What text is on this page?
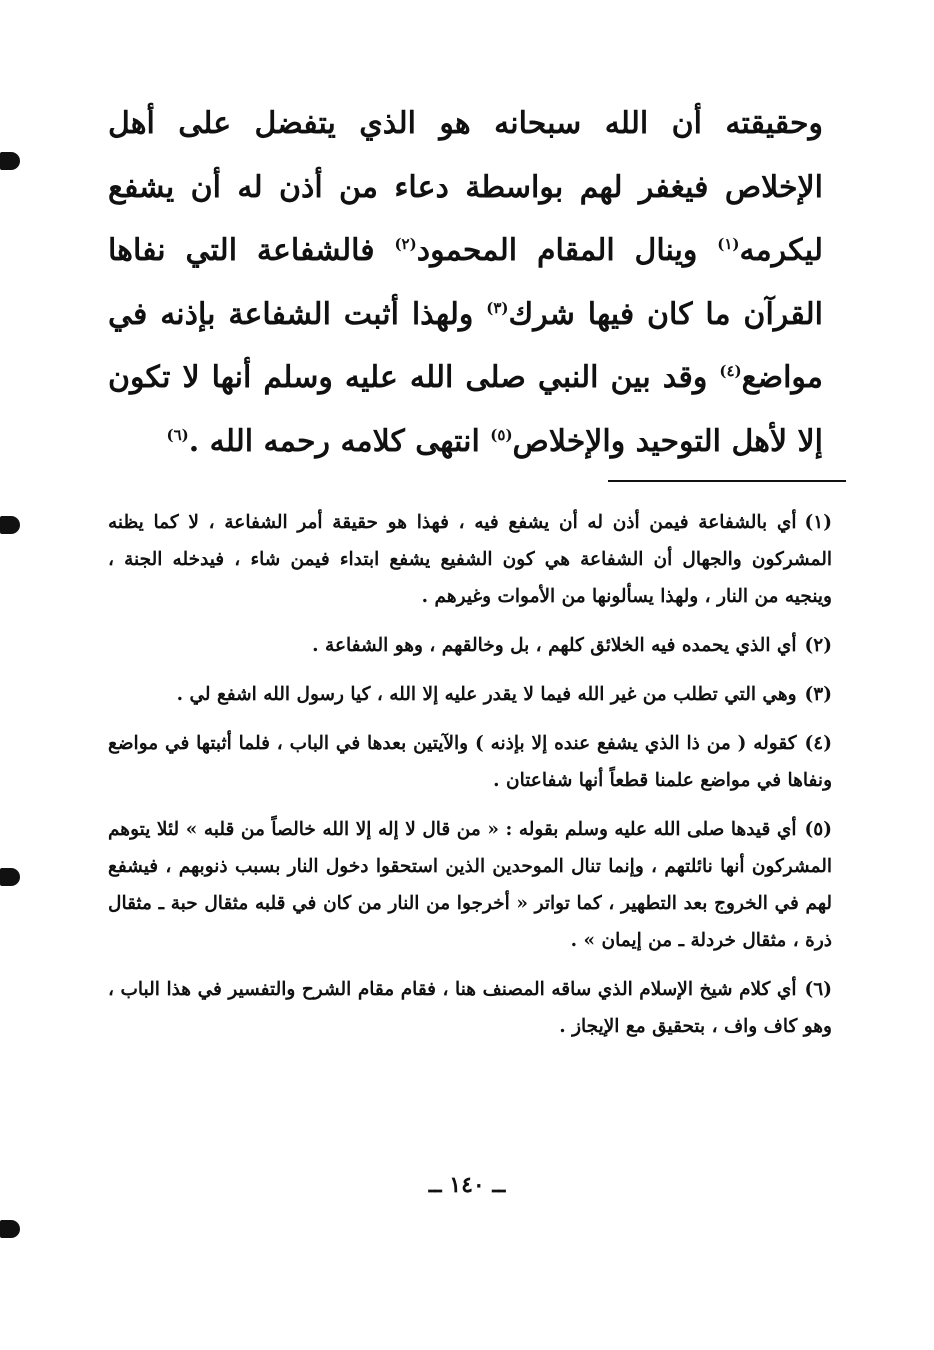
وحقيقته أن الله سبحانه هو الذي يتفضل على أهل الإخلاص فيغفر لهم بواسطة دعاء من أذن له أن يشفع ليكرمه$^{(١)}$ وينال المقام المحمود$^{(٢)}$ فالشفاعة التي نفاها القرآن ما كان فيها شرك$^{(٣)}$ ولهذا أثبت الشفاعة بإذنه في مواضع$^{(٤)}$ وقد بين النبي صلى الله عليه وسلم أنها لا تكون إلا لأهل التوحيد والإخلاص$^{(٥)}$ انتهى كلامه رحمه الله .$^{(٦)}$

(١)أي بالشفاعة فيمن أذن له أن يشفع فيه ، فهذا هو حقيقة أمر الشفاعة ، لا كما يظنه المشركون والجهال أن الشفاعة هي كون الشفيع يشفع ابتداء فيمن شاء ، فيدخله الجنة ، وينجيه من النار ، ولهذا يسألونها من الأموات وغيرهم .

(٢)أي الذي يحمده فيه الخلائق كلهم ، بل وخالقهم ، وهو الشفاعة .

(٣)وهي التي تطلب من غير الله فيما لا يقدر عليه إلا الله ، كيا رسول الله اشفع لي .

(٤)كقوله ( من ذا الذي يشفع عنده إلا بإذنه ) والآيتين بعدها في الباب ، فلما أثبتها في مواضع ونفاها في مواضع علمنا قطعاً أنها شفاعتان .

(٥)أي قيدها صلى الله عليه وسلم بقوله : « من قال لا إله إلا الله خالصاً من قلبه » لئلا يتوهم المشركون أنها نائلتهم ، وإنما تنال الموحدين الذين استحقوا دخول النار بسبب ذنوبهم ، فيشفع لهم في الخروج بعد التطهير ، كما تواتر « أخرجوا من النار من كان في قلبه مثقال حبة ـ مثقال ذرة ، مثقال خردلة ـ من إيمان » .

(٦)أي كلام شيخ الإسلام الذي ساقه المصنف هنا ، فقام مقام الشرح والتفسير في هذا الباب ، وهو كاف واف ، بتحقيق مع الإيجاز .

ــ ١٤٠ ــ
